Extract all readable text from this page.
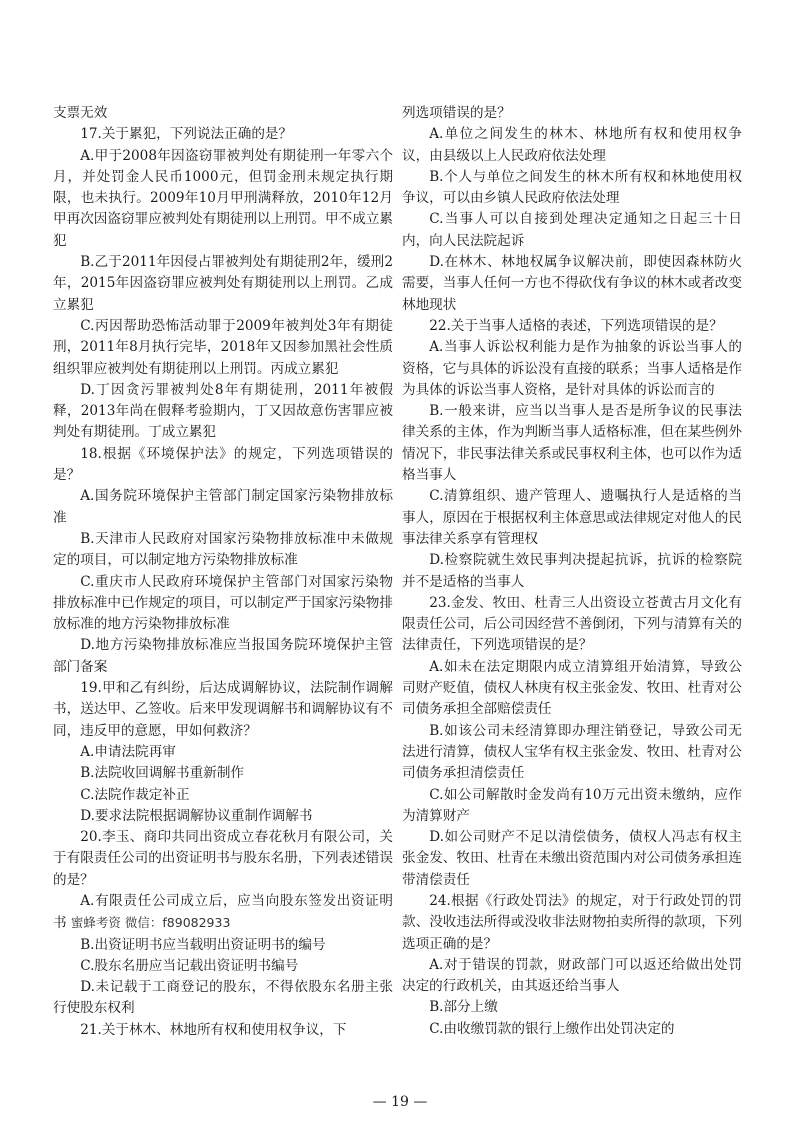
支票无效

17.关于累犯，下列说法正确的是？

A.甲于2008年因盗窃罪被判处有期徒刑一年零六个月，并处罚金人民币1000元，但罚金刑未规定执行期限，也未执行。2009年10月甲刑满释放，2010年12月甲再次因盗窃罪应被判处有期徒刑以上刑罚。甲不成立累犯

B.乙于2011年因侵占罪被判处有期徒刑2年，缓刑2年，2015年因盗窃罪应被判处有期徒刑以上刑罚。乙成立累犯

C.丙因帮助恐怖活动罪于2009年被判处3年有期徒刑，2011年8月执行完毕，2018年又因参加黑社会性质组织罪应被判处有期徒刑以上刑罚。丙成立累犯

D.丁因贪污罪被判处8年有期徒刑，2011年被假释，2013年尚在假释考验期内，丁又因故意伤害罪应被判处有期徒刑。丁成立累犯

18.根据《环境保护法》的规定，下列选项错误的是？

A.国务院环境保护主管部门制定国家污染物排放标准

B.天津市人民政府对国家污染物排放标准中未做规定的项目，可以制定地方污染物排放标准

C.重庆市人民政府环境保护主管部门对国家污染物排放标准中已作规定的项目，可以制定严于国家污染物排放标准的地方污染物排放标准

D.地方污染物排放标准应当报国务院环境保护主管部门备案

19.甲和乙有纠纷，后达成调解协议，法院制作调解书，送达甲、乙签收。后来甲发现调解书和调解协议有不同，违反甲的意愿，甲如何救济？

A.申请法院再审

B.法院收回调解书重新制作

C.法院作裁定补正

D.要求法院根据调解协议重制作调解书

20.李玉、商印共同出资成立春花秋月有限公司，关于有限责任公司的出资证明书与股东名册，下列表述错误的是？

A.有限责任公司成立后，应当向股东签发出资证明书 蜜蜂考资 微信：f89082933

B.出资证明书应当载明出资证明书的编号

C.股东名册应当记载出资证明书编号

D.未记载于工商登记的股东，不得依股东名册主张行使股东权利

21.关于林木、林地所有权和使用权争议，下

列选项错误的是？

A.单位之间发生的林木、林地所有权和使用权争议，由县级以上人民政府依法处理

B.个人与单位之间发生的林木所有权和林地使用权争议，可以由乡镇人民政府依法处理

C.当事人可以自接到处理决定通知之日起三十日内，向人民法院起诉

D.在林木、林地权属争议解决前，即使因森林防火需要，当事人任何一方也不得砍伐有争议的林木或者改变林地现状

22.关于当事人适格的表述，下列选项错误的是？

A.当事人诉讼权利能力是作为抽象的诉讼当事人的资格，它与具体的诉讼没有直接的联系；当事人适格是作为具体的诉讼当事人资格，是针对具体的诉讼而言的

B.一般来讲，应当以当事人是否是所争议的民事法律关系的主体，作为判断当事人适格标准，但在某些例外情况下，非民事法律关系或民事权利主体，也可以作为适格当事人

C.清算组织、遗产管理人、遗嘱执行人是适格的当事人，原因在于根据权利主体意思或法律规定对他人的民事法律关系享有管理权

D.检察院就生效民事判决提起抗诉，抗诉的检察院并不是适格的当事人

23.金发、牧田、杜青三人出资设立苍黄古月文化有限责任公司，后公司因经营不善倒闭，下列与清算有关的法律责任，下列选项错误的是？

A.如未在法定期限内成立清算组开始清算，导致公司财产贬值，债权人林庚有权主张金发、牧田、杜青对公司债务承担全部赔偿责任

B.如该公司未经清算即办理注销登记，导致公司无法进行清算，债权人宝华有权主张金发、牧田、杜青对公司债务承担清偿责任

C.如公司解散时金发尚有10万元出资未缴纳，应作为清算财产

D.如公司财产不足以清偿债务，债权人冯志有权主张金发、牧田、杜青在未缴出资范围内对公司债务承担连带清偿责任

24.根据《行政处罚法》的规定，对于行政处罚的罚款、没收违法所得或没收非法财物拍卖所得的款项，下列选项正确的是？

A.对于错误的罚款，财政部门可以返还给做出处罚决定的行政机关，由其返还给当事人

B.部分上缴

C.由收缴罚款的银行上缴作出处罚决定的

— 19 —
